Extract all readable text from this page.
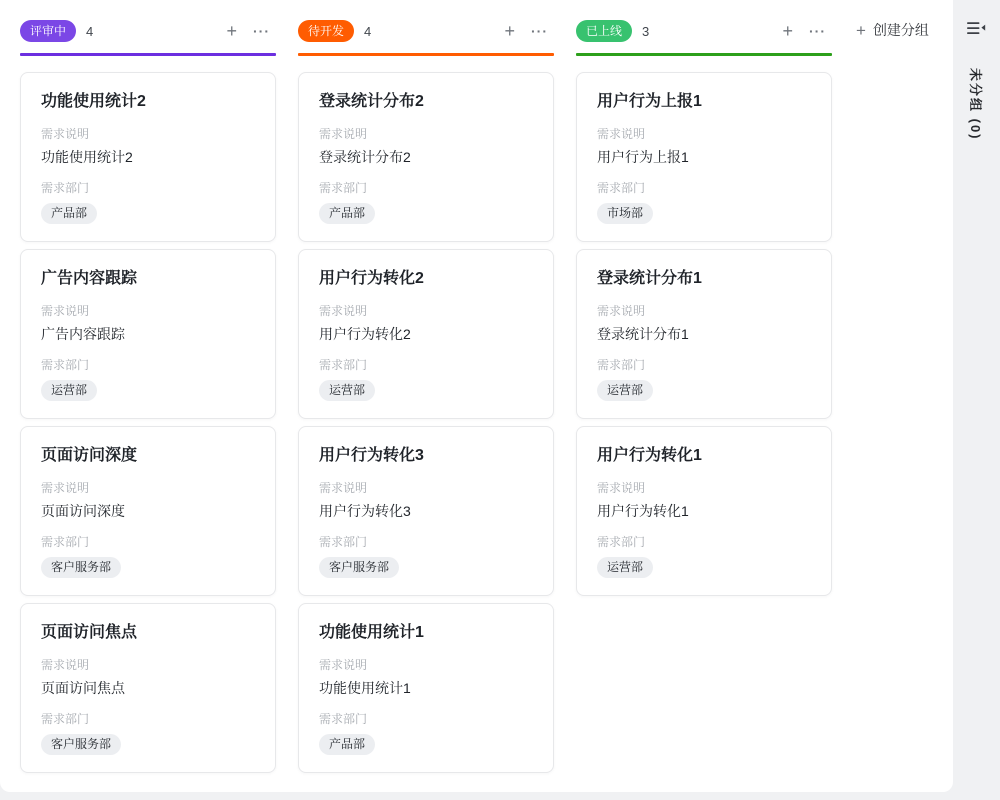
评审中	4	+ ···
功能使用统计2
需求说明
功能使用统计2
需求部门
产品部
广告内容跟踪
需求说明
广告内容跟踪
需求部门
运营部
页面访问深度
需求说明
页面访问深度
需求部门
客户服务部
页面访问焦点
需求说明
页面访问焦点
需求部门
客户服务部
待开发	4	+ ···
登录统计分布2
需求说明
登录统计分布2
需求部门
产品部
用户行为转化2
需求说明
用户行为转化2
需求部门
运营部
用户行为转化3
需求说明
用户行为转化3
需求部门
客户服务部
功能使用统计1
需求说明
功能使用统计1
需求部门
产品部
已上线	3	+ ···
用户行为上报1
需求说明
用户行为上报1
需求部门
市场部
登录统计分布1
需求说明
登录统计分布1
需求部门
运营部
用户行为转化1
需求说明
用户行为转化1
需求部门
运营部
+ 创建分组
未分组 (0)
